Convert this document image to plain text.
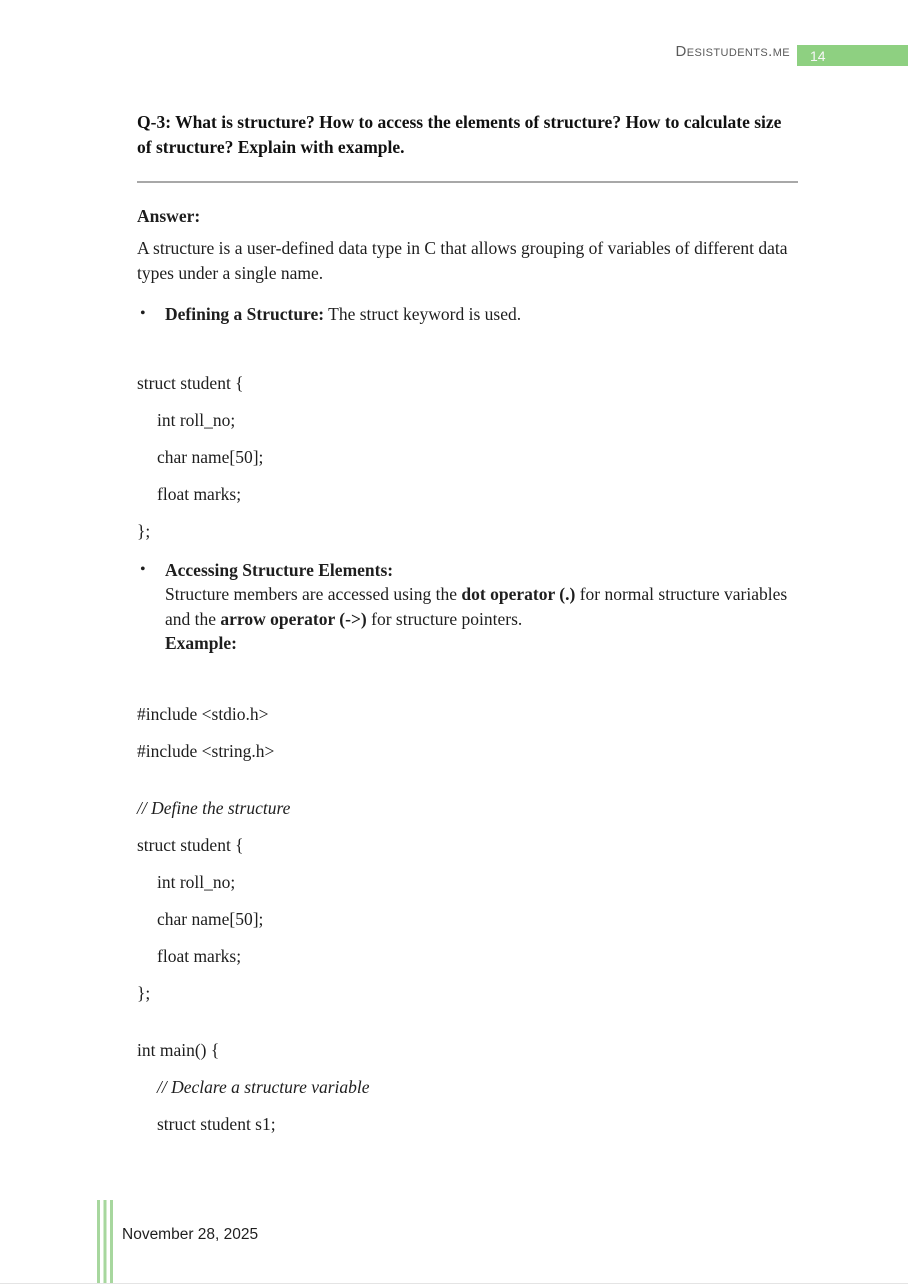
Desistudents.me	14
Q-3: What is structure? How to access the elements of structure? How to calculate size of structure? Explain with example.

Answer:

A structure is a user-defined data type in C that allows grouping of variables of different data types under a single name.

•	Defining a Structure: The struct keyword is used.
struct student {
int roll_no;
char name[50];
float marks;
};
•	Accessing Structure Elements:
Structure members are accessed using the dot operator (.) for normal structure variables and the arrow operator (->) for structure pointers.
Example:
#include <stdio.h>
#include <string.h>
// Define the structure
struct student {
int roll_no;
char name[50];
float marks;
};
int main() {
// Declare a structure variable
struct student s1;
November 28, 2025
